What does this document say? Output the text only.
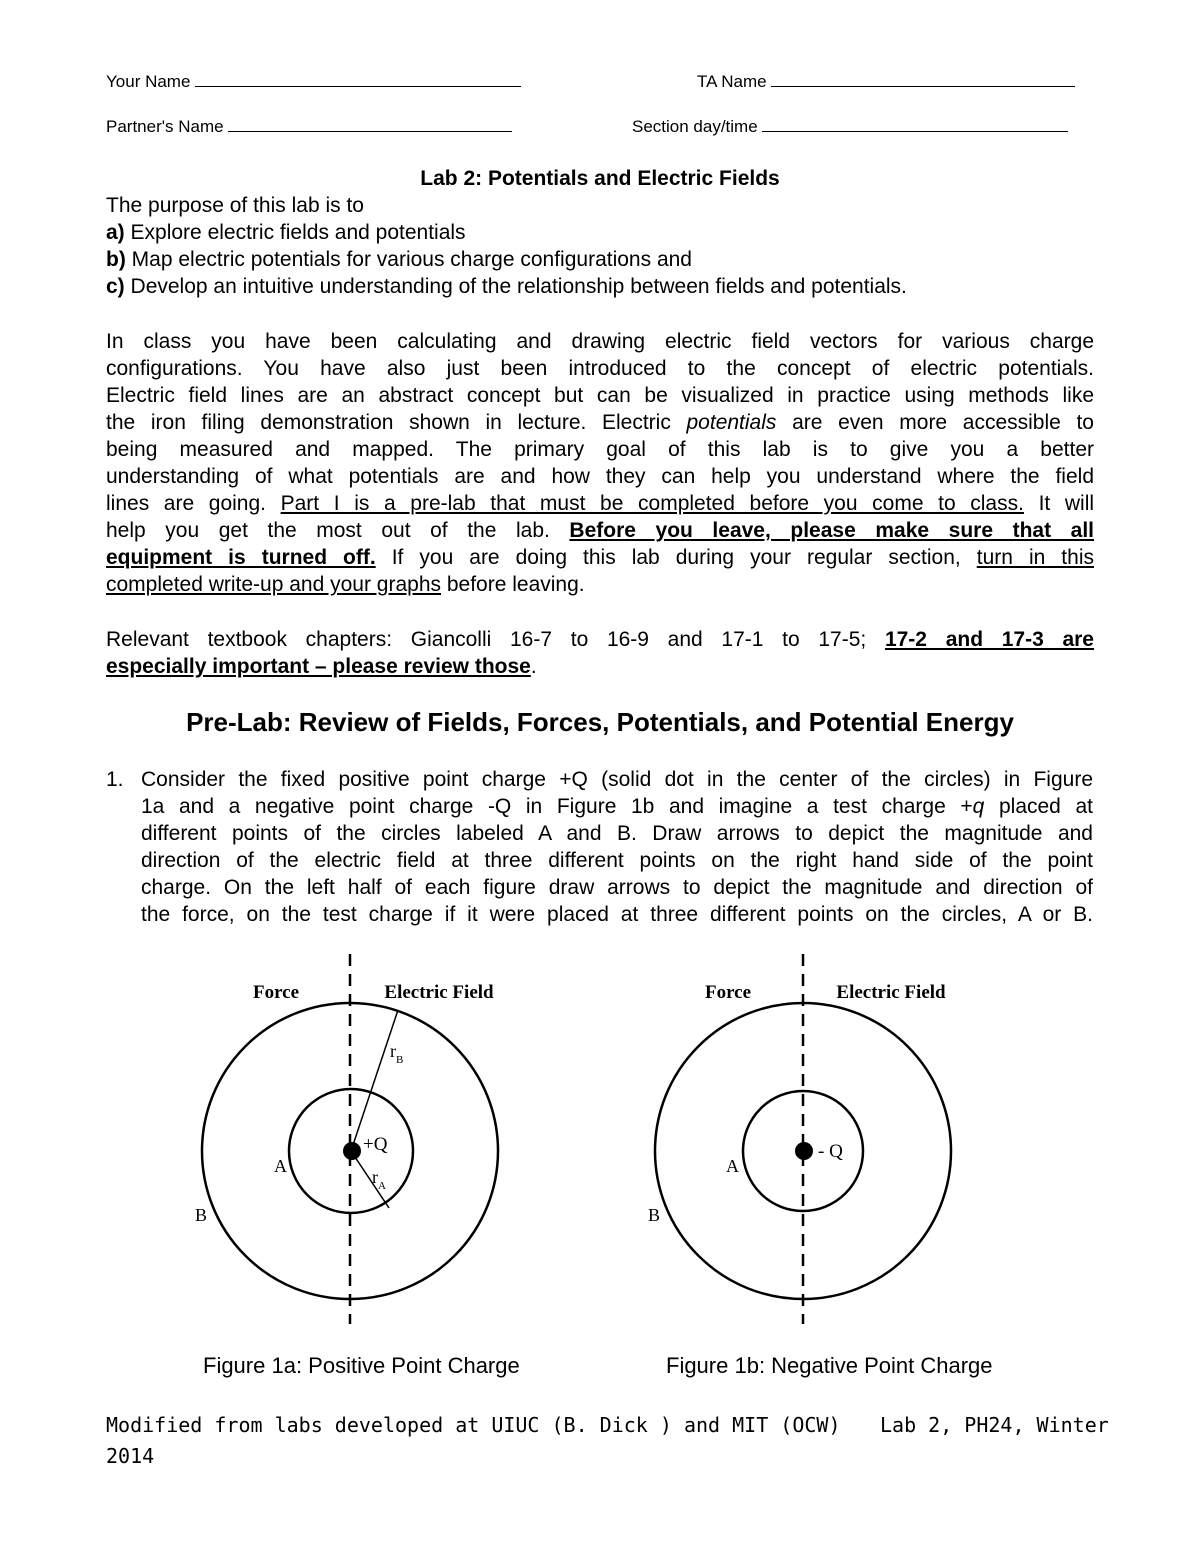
Your Name	TA Name
Partner's Name	Section day/time
Lab 2: Potentials and Electric Fields
The purpose of this lab is to
a) Explore electric fields and potentials
b) Map electric potentials for various charge configurations and
c) Develop an intuitive understanding of the relationship between fields and potentials.
In class you have been calculating and drawing electric field vectors for various charge
configurations. You have also just been introduced to the concept of electric potentials.
Electric field lines are an abstract concept but can be visualized in practice using methods like
the iron filing demonstration shown in lecture. Electric potentials are even more accessible to
being measured and mapped. The primary goal of this lab is to give you a better
understanding of what potentials are and how they can help you understand where the field
lines are going. Part I is a pre-lab that must be completed before you come to class. It will
help you get the most out of the lab. Before you leave, please make sure that all
equipment is turned off. If you are doing this lab during your regular section, turn in this
completed write-up and your graphs before leaving.
Relevant textbook chapters: Giancolli 16-7 to 16-9 and 17-1 to 17-5; 17-2 and 17-3 are
especially important – please review those.
Pre-Lab: Review of Fields, Forces, Potentials, and Potential Energy
1. Consider the fixed positive point charge +Q (solid dot in the center of the circles) in Figure
1a and a negative point charge -Q in Figure 1b and imagine a test charge +q placed at
different points of the circles labeled A and B. Draw arrows to depict the magnitude and
direction of the electric field at three different points on the right hand side of the point
charge. On the left half of each figure draw arrows to depict the magnitude and direction of
the force, on the test charge if it were placed at three different points on the circles, A or B.
Force	Electric Field
+Q
$r_B$
$r_A$
A
B
Force	Electric Field
- Q
A
B
Figure 1a: Positive Point Charge	Figure 1b: Negative Point Charge
Modified from labs developed at UIUC (B. Dick ) and MIT (OCW) Lab 2, PH24, Winter
2014
